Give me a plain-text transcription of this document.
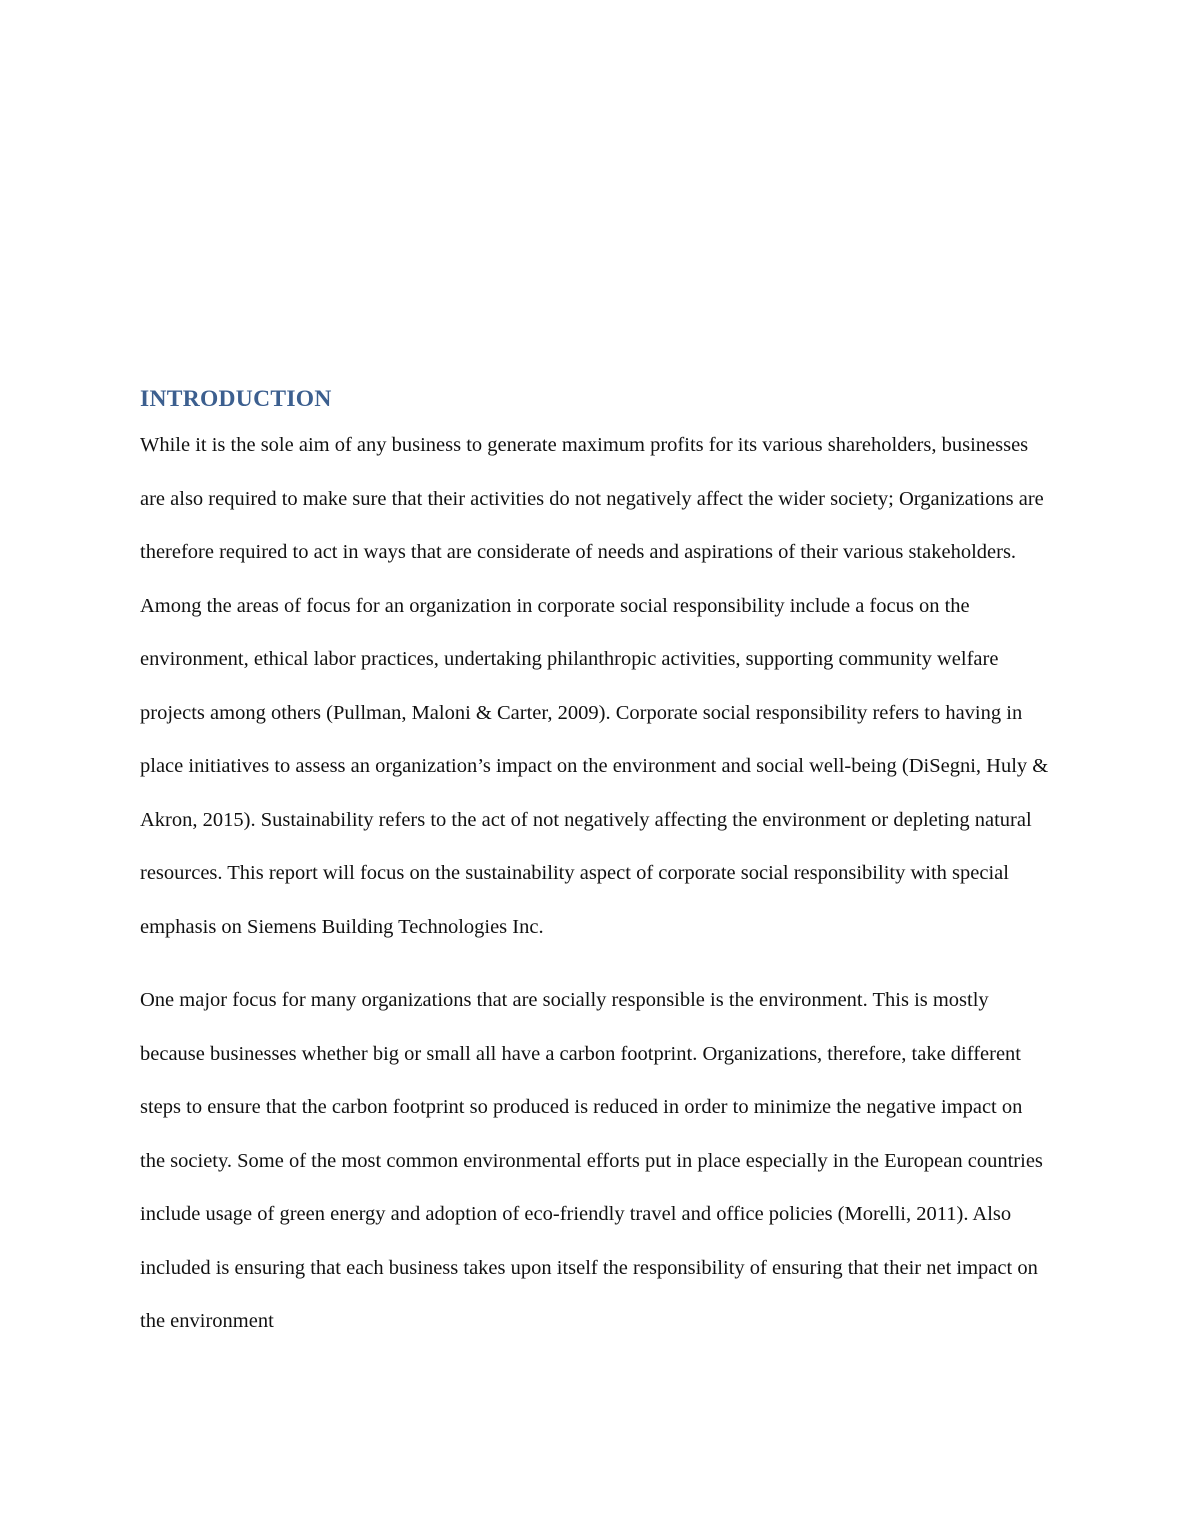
INTRODUCTION

While it is the sole aim of any business to generate maximum profits for its various shareholders, businesses are also required to make sure that their activities do not negatively affect the wider society; Organizations are therefore required to act in ways that are considerate of needs and aspirations of their various stakeholders. Among the areas of focus for an organization in corporate social responsibility include a focus on the environment, ethical labor practices, undertaking philanthropic activities, supporting community welfare projects among others (Pullman, Maloni & Carter, 2009). Corporate social responsibility refers to having in place initiatives to assess an organization’s impact on the environment and social well-being (DiSegni, Huly & Akron, 2015). Sustainability refers to the act of not negatively affecting the environment or depleting natural resources. This report will focus on the sustainability aspect of corporate social responsibility with special emphasis on Siemens Building Technologies Inc.

One major focus for many organizations that are socially responsible is the environment. This is mostly because businesses whether big or small all have a carbon footprint. Organizations, therefore, take different steps to ensure that the carbon footprint so produced is reduced in order to minimize the negative impact on the society. Some of the most common environmental efforts put in place especially in the European countries include usage of green energy and adoption of eco-friendly travel and office policies (Morelli, 2011). Also included is ensuring that each business takes upon itself the responsibility of ensuring that their net impact on the environment
